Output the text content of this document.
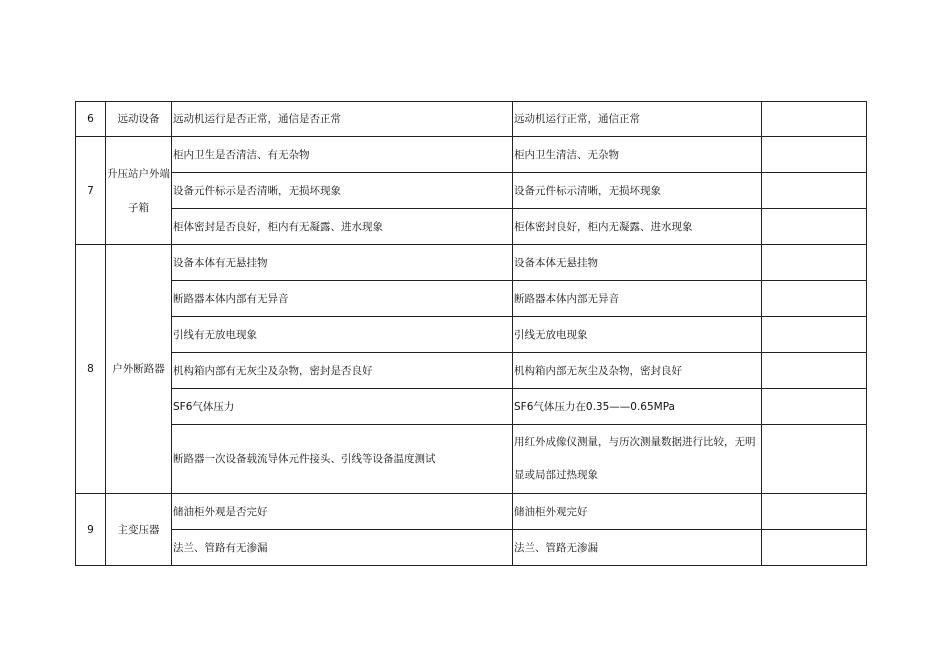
6	远动设备	远动机运行是否正常，通信是否正常	远动机运行正常，通信正常	
7	升压站户外端子箱	柜内卫生是否清洁、有无杂物	柜内卫生清洁、无杂物	
		设备元件标示是否清晰，无损坏现象	设备元件标示清晰，无损坏现象	
		柜体密封是否良好，柜内有无凝露、进水现象	柜体密封良好，柜内无凝露、进水现象	
8	户外断路器	设备本体有无悬挂物	设备本体无悬挂物	
		断路器本体内部有无异音	断路器本体内部无异音	
		引线有无放电现象	引线无放电现象	
		机构箱内部有无灰尘及杂物，密封是否良好	机构箱内部无灰尘及杂物，密封良好	
		SF6气体压力	SF6气体压力在0.35——0.65MPa	
		断路器一次设备载流导体元件接头、引线等设备温度测试	用红外成像仪测量，与历次测量数据进行比较，无明显或局部过热现象	
9	主变压器	储油柜外观是否完好	储油柜外观完好	
		法兰、管路有无渗漏	法兰、管路无渗漏	
